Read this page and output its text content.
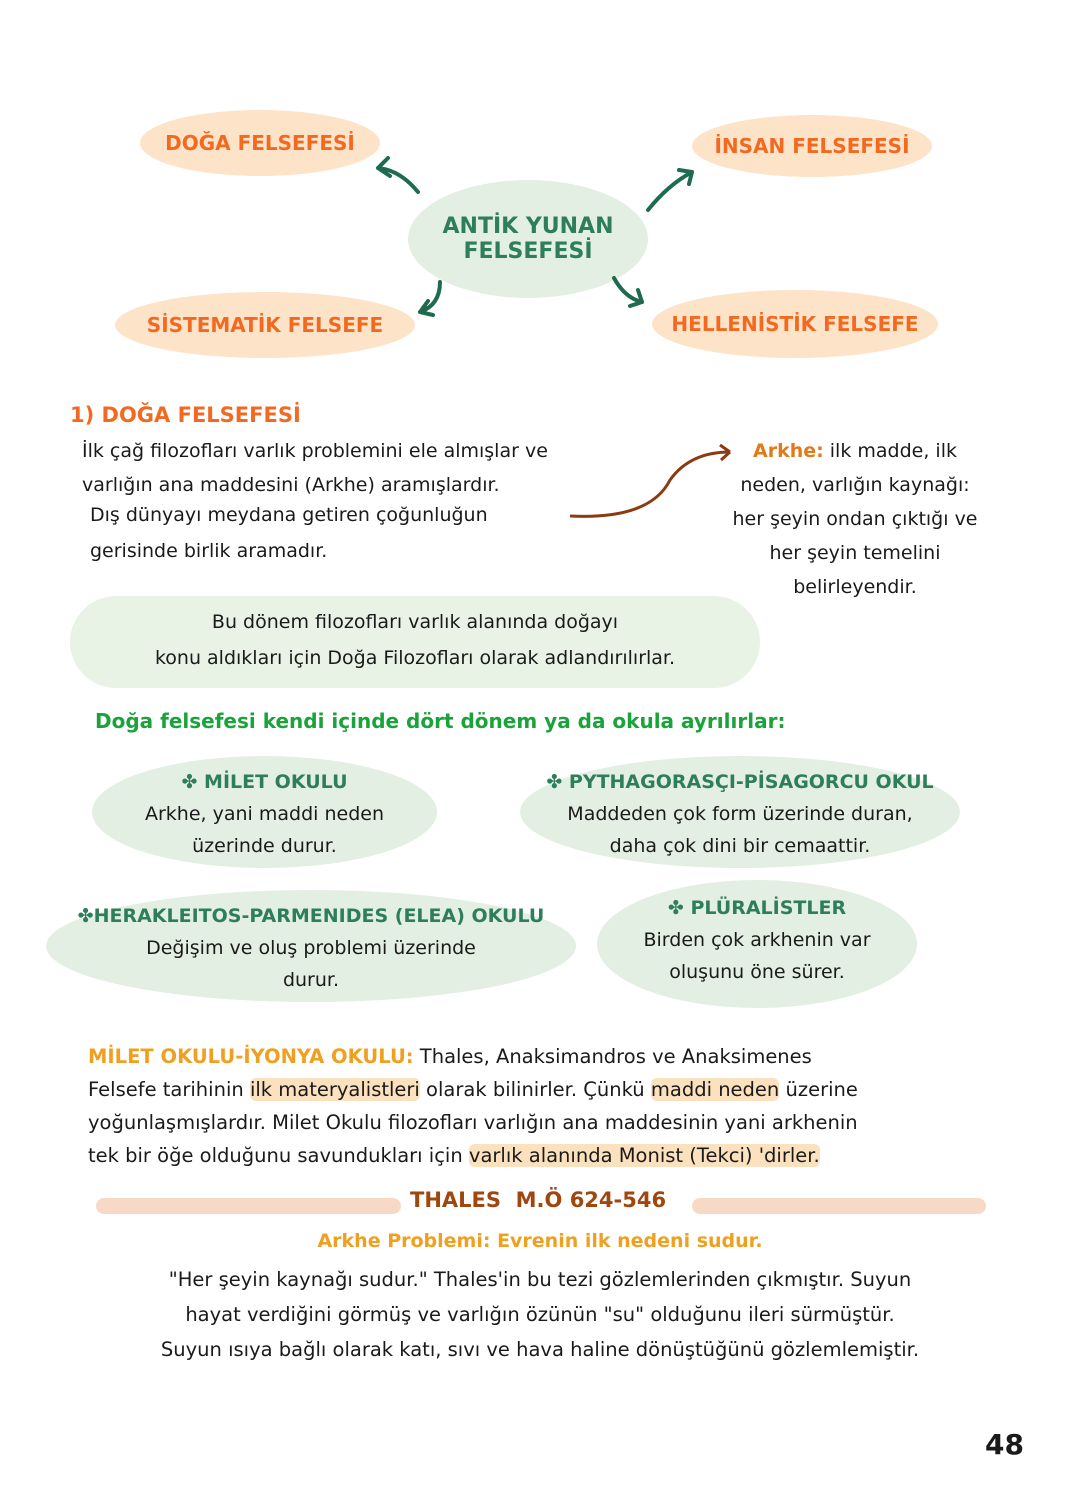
DOĞA FELSEFESİ	İNSAN FELSEFESİ
SİSTEMATİK FELSEFE	HELLENİSTİK FELSEFE
ANTİK YUNAN
FELSEFESİ
1) DOĞA FELSEFESİ
İlk çağ filozofları varlık problemini ele almışlar ve
varlığın ana maddesini (Arkhe) aramışlardır.
Dış dünyayı meydana getiren çoğunluğun
gerisinde birlik aramadır.
Arkhe: ilk madde, ilk
neden, varlığın kaynağı:
her şeyin ondan çıktığı ve
her şeyin temelini
belirleyendir.
Bu dönem filozofları varlık alanında doğayı
konu aldıkları için Doğa Filozofları olarak adlandırılırlar.
Doğa felsefesi kendi içinde dört dönem ya da okula ayrılırlar:
✤ MİLET OKULU
Arkhe, yani maddi neden
üzerinde durur.
✤ PYTHAGORASÇI-PİSAGORCU OKUL
Maddeden çok form üzerinde duran,
daha çok dini bir cemaattir.
✤HERAKLEITOS-PARMENIDES (ELEA) OKULU
Değişim ve oluş problemi üzerinde
durur.
✤ PLÜRALİSTLER
Birden çok arkhenin var
oluşunu öne sürer.
MİLET OKULU-İYONYA OKULU: Thales, Anaksimandros ve Anaksimenes
Felsefe tarihinin ilk materyalistleri olarak bilinirler. Çünkü maddi neden üzerine
yoğunlaşmışlardır. Milet Okulu filozofları varlığın ana maddesinin yani arkhenin
tek bir öğe olduğunu savundukları için varlık alanında Monist (Tekci) 'dirler.
THALES M.Ö 624-546
Arkhe Problemi: Evrenin ilk nedeni sudur.
"Her şeyin kaynağı sudur." Thales'in bu tezi gözlemlerinden çıkmıştır. Suyun
hayat verdiğini görmüş ve varlığın özünün "su" olduğunu ileri sürmüştür.
Suyun ısıya bağlı olarak katı, sıvı ve hava haline dönüştüğünü gözlemlemiştir.
48
